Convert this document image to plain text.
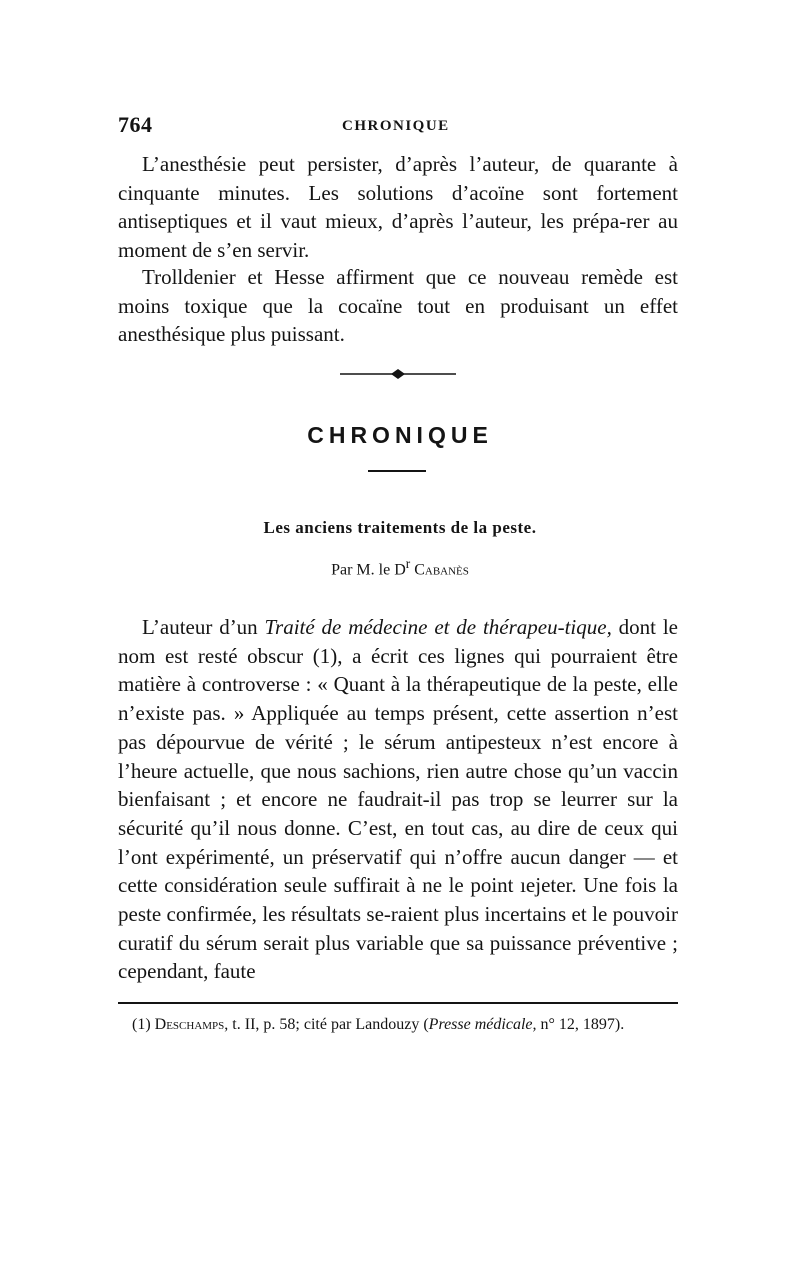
764	CHRONIQUE

L’anesthésie peut persister, d’après l’auteur, de quarante à cinquante minutes. Les solutions d’acoïne sont fortement antiseptiques et il vaut mieux, d’après l’auteur, les prépa-rer au moment de s’en servir.

Trolldenier et Hesse affirment que ce nouveau remède est moins toxique que la cocaïne tout en produisant un effet anesthésique plus puissant.

CHRONIQUE
Les anciens traitements de la peste.
Par M. le $D^r$ Cabanès

L’auteur d’un Traité de médecine et de thérapeu-tique, dont le nom est resté obscur (1), a écrit ces lignes qui pourraient être matière à controverse : « Quant à la thérapeutique de la peste, elle n’existe pas. » Appliquée au temps présent, cette assertion n’est pas dépourvue de vérité ; le sérum antipesteux n’est encore à l’heure actuelle, que nous sachions, rien autre chose qu’un vaccin bienfaisant ; et encore ne faudrait-il pas trop se leurrer sur la sécurité qu’il nous donne. C’est, en tout cas, au dire de ceux qui l’ont expérimenté, un préservatif qui n’offre aucun danger — et cette considération seule suffirait à ne le point ıejeter. Une fois la peste confirmée, les résultats se-raient plus incertains et le pouvoir curatif du sérum serait plus variable que sa puissance préventive ; cependant, faute

(1) Deschamps, t. II, p. 58; cité par Landouzy (Presse médicale, n° 12, 1897).
